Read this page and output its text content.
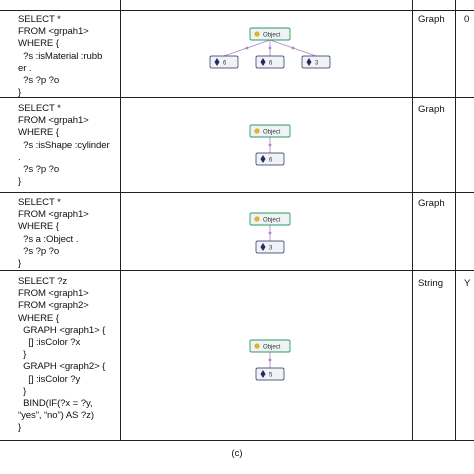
SELECT *
FROM <grpah1>
WHERE {
?s :isMaterial :rubb
er .
?s ?p ?o
}
Graph 0
Object
6	6	3
SELECT *
FROM <grpah1>
WHERE {
?s :isShape :cylinder
.
?s ?p ?o
}
Graph
Object
6
SELECT *
FROM <graph1>
WHERE {
?s a :Object .
?s ?p ?o
}
Graph
Object
3
SELECT ?z
FROM <graph1>
FROM <graph2>
WHERE {
GRAPH <graph1> {
[] :isColor ?x
}
GRAPH <graph2> {
[] :isColor ?y
}
BIND(IF(?x = ?y,
“yes”, “no”) AS ?z)
}
String Y
Object
5
(c)
